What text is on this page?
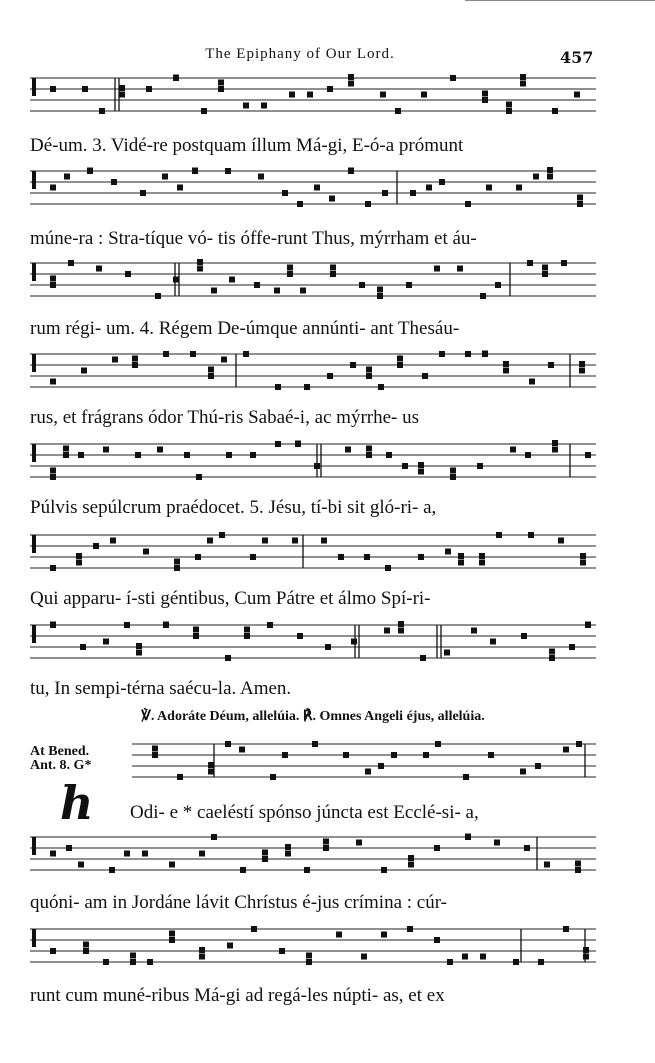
The Epiphany of Our Lord.	457
Dé-um. 3. Vidé-re postquam íllum Má-gi, E-ó-a prómunt
múne-ra : Stra-tíque vó- tis óffe-runt Thus, mýrrham et áu-
rum régi- um. 4. Régem De-úmque annúnti- ant Thesáu-
rus, et frágrans ódor Thú-ris Sabaé-i, ac mýrrhe- us
Púlvis sepúlcrum praédocet. 5. Jésu, tí-bi sit gló-ri- a,
Qui apparu- í-sti géntibus, Cum Pátre et álmo Spí-ri-
tu, In sempi-térna saécu-la. Amen.
℣. Adoráte Déum, allelúia. ℟. Omnes Angeli éjus, allelúia.
At Bened.
Ant. 8. G*
h Odi- e * caeléstí spónso júncta est Ecclé-si- a,
quóni- am in Jordáne lávit Chrístus é-jus crímina : cúr-
runt cum muné-ribus Má-gi ad regá-les núpti- as, et ex
